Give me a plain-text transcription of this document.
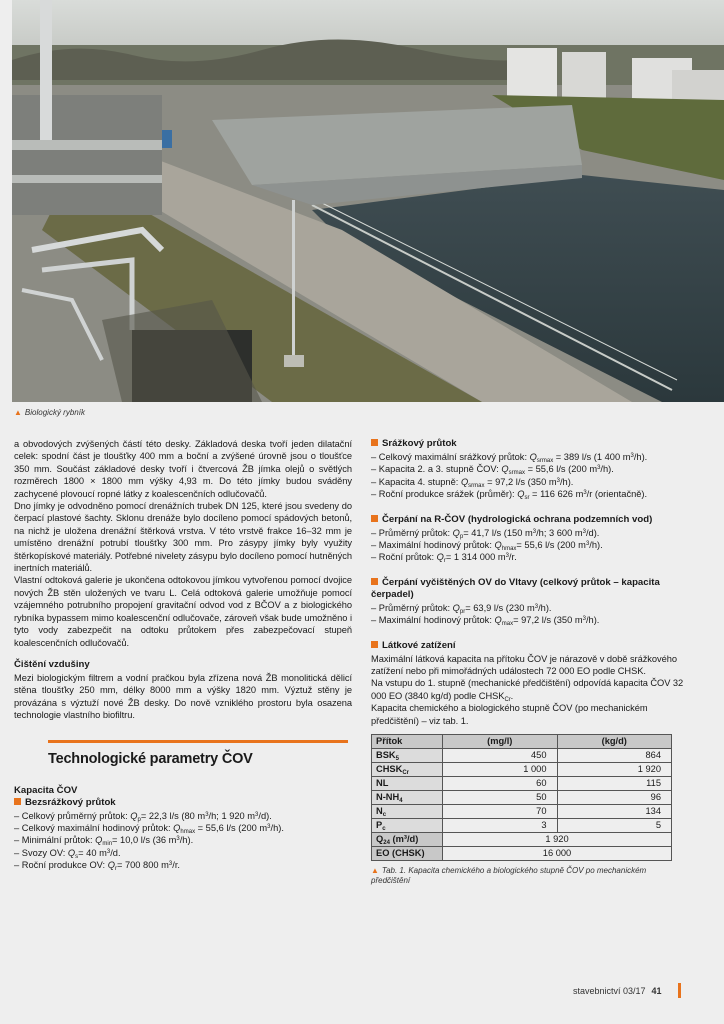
▲ Biologický rybník

a obvodových zvýšených částí této desky. Základová deska tvoří jeden dilatační celek: spodní část je tloušťky 400 mm a boční a zvýšené úrovně jsou o tloušťce 350 mm. Součást základové desky tvoří i čtvercová ŽB jímka olejů o světlých rozměrech 1800 × 1800 mm výšky 4,93 m. Do této jímky budou sváděny zachycené plovoucí ropné látky z koalescenčních odlučovačů.

Dno jímky je odvodněno pomocí drenážních trubek DN 125, které jsou svedeny do čerpací plastové šachty. Sklonu drenáže bylo docíleno pomocí spádových betonů, na nichž je uložena drenážní štěrková vrstva. V této vrstvě frakce 16–32 mm je umístěno drenážní potrubí tloušťky 300 mm. Pro zásypy jímky byly využity štěrkopískové materiály. Potřebné nivelety zásypu bylo docíleno pomocí hutněných inertních materiálů.

Vlastní odtoková galerie je ukončena odtokovou jímkou vytvořenou pomocí dvojice nových ŽB stěn uložených ve tvaru L. Celá odtoková galerie umožňuje pomocí vzájemného potrubního propojení gravitační odvod vod z BČOV a z biologického rybníka bypassem mimo koalescenční odlučovače, zároveň však bude umožněno i tyto vody zabezpečit na odtoku průtokem přes zabezpečovací stupeň koalescenčních odlučovačů.

Čištění vzdušiny

Mezi biologickým filtrem a vodní pračkou byla zřízena nová ŽB monolitická dělicí stěna tloušťky 250 mm, délky 8000 mm a výšky 1820 mm. Výztuž stěny je provázána s výztuží nové ŽB desky. Do nově vzniklého prostoru byla osazena technologie vlastního biofiltru.

Technologické parametry ČOV
Kapacita ČOV
Bezsrážkový průtok
– Celkový průměrný průtok: $Q_p= 22,3$ l/s (80 $m^3/h$; 1 920 $m^3/d$).
– Celkový maximální hodinový průtok: $Q_{hmax} = 55,6$ l/s (200 $m^3/h$).
– Minimální průtok: $Q_{min}= 10,0$ l/s (36 $m^3/h$).
– Svozy OV: $Q_s= 40$ $m^3/d$.
– Roční produkce OV: $Q_r= 700$ 800 $m^3/r$.
Srážkový průtok
– Celkový maximální srážkový průtok: $Q_{srmax} = 389$ l/s (1 400 $m^3/h$).
– Kapacita 2. a 3. stupně ČOV: $Q_{srmax} = 55,6$ l/s (200 $m^3/h$).
– Kapacita 4. stupně: $Q_{srmax} = 97,2$ l/s (350 $m^3/h$).
– Roční produkce srážek (průměr): $Q_{sr} = 116$ 626 $m^3/r$ (orientačně).
Čerpání na R-ČOV (hydrologická ochrana podzemních vod)
– Průměrný průtok: $Q_p= 41,7$ l/s (150 $m^3/h$; 3 600 $m^3/d$).
– Maximální hodinový průtok: $Q_{hmax}= 55,6$ l/s (200 $m^3/h$).
– Roční průtok: $Q_r= 1$ 314 000 $m^3/r$.
Čerpání vyčištěných OV do Vltavy (celkový průtok – kapacita čerpadel)
– Průměrný průtok: $Q_{pr}= 63,9$ l/s (230 $m^3/h$).
– Maximální hodinový průtok: $Q_{max}= 97,2$ l/s (350 $m^3/h$).
Látkové zatížení

Maximální látková kapacita na přítoku ČOV je nárazově v době srážkového zatížení nebo při mimořádných událostech 72 000 EO podle CHSK.

Na vstupu do 1. stupně (mechanické předčištění) odpovídá kapacita ČOV 32 000 EO (3840 kg/d) podle $CHSK_{Cr}$.

Kapacita chemického a biologického stupně ČOV (po mechanickém předčištění) – viz tab. 1.

Přítok	(mg/l)	(kg/d)
$BSK_5$	450	864
$CHSK_{Cr}$	1 000	1 920
NL	60	115
$N-NH_4$	50	96
$N_c$	70	134
$P_c$	3	5
$Q_{24}$ (m³/d)	1 920	
EO (CHSK)	16 000	
▲ Tab. 1. Kapacita chemického a biologického stupně ČOV po mechanickém předčištění
stavebnictví 03/17 41
